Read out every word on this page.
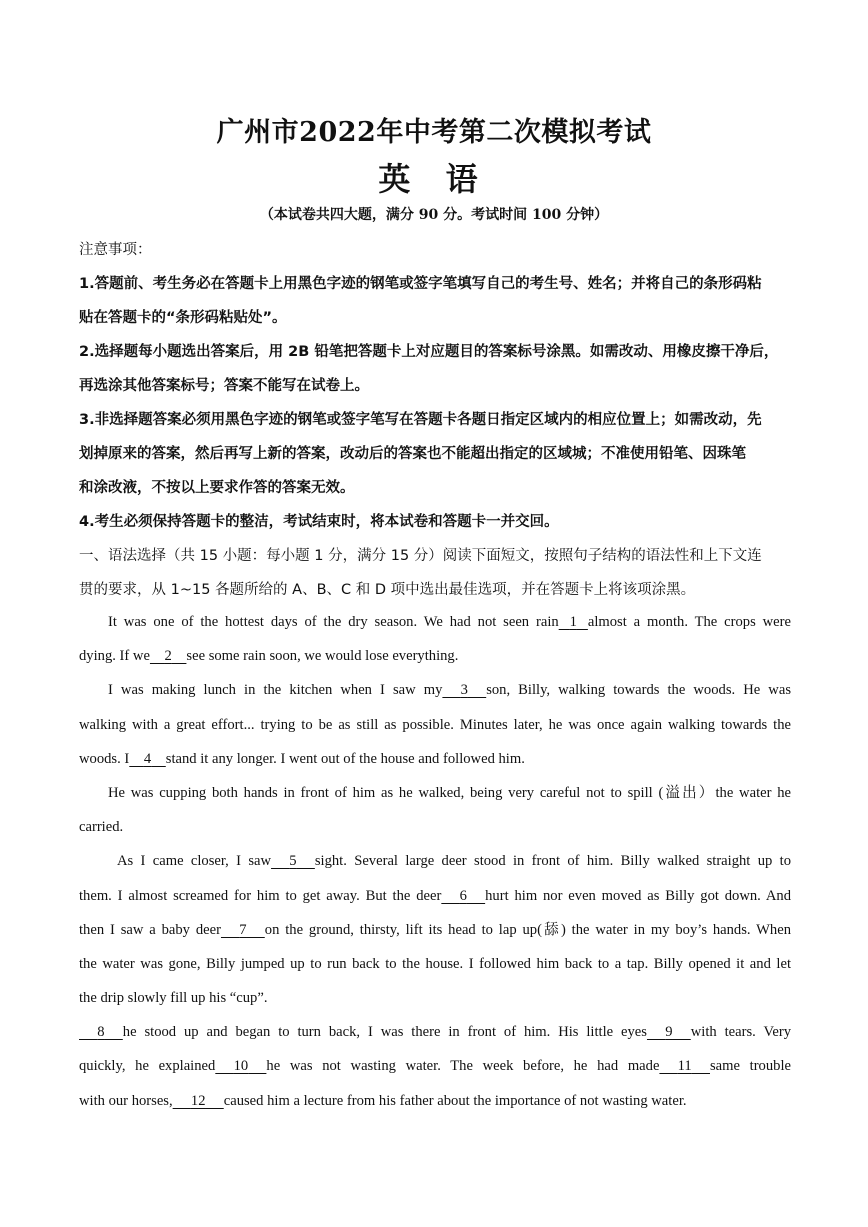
广州市2022年中考第二次模拟考试
英 语
（本试卷共四大题，满分 90 分。考试时间 100 分钟）
注意事项：
1.答题前、考生务必在答题卡上用黑色字迹的钢笔或签字笔填写自己的考生号、姓名；并将自己的条形码粘
贴在答题卡的“条形码粘贴处”。
2.选择题每小题选出答案后，用 2B 铅笔把答题卡上对应题目的答案标号涂黑。如需改动、用橡皮擦干净后，
再选涂其他答案标号；答案不能写在试卷上。
3.非选择题答案必须用黑色字迹的钢笔或签字笔写在答题卡各题日指定区域内的相应位置上；如需改动，先
划掉原来的答案，然后再写上新的答案，改动后的答案也不能超出指定的区域城；不准使用铅笔、因珠笔
和涂改液，不按以上要求作答的答案无效。
4.考生必须保持答题卡的整洁，考试结束时，将本试卷和答题卡一并交回。
一、语法选择（共 15 小题：每小题 1 分，满分 15 分）阅读下面短文，按照句子结构的语法性和上下文连
贯的要求，从 1~15 各题所给的 A、B、C 和 D 项中选出最佳选项，并在答题卡上将该项涂黑。
It was one of the hottest days of the dry season. We had not seen rain 1 almost a month. The crops were
dying. If we 2 see some rain soon, we would lose everything.
I was making lunch in the kitchen when I saw my 3 son, Billy, walking towards the woods. He was
walking with a great effort... trying to be as still as possible. Minutes later, he was once again walking towards the
woods. I 4 stand it any longer. I went out of the house and followed him.
He was cupping both hands in front of him as he walked, being very careful not to spill (溢出）the water he
carried.
As I came closer, I saw 5 sight. Several large deer stood in front of him. Billy walked straight up to
them. I almost screamed for him to get away. But the deer 6 hurt him nor even moved as Billy got down. And
then I saw a baby deer 7 on the ground, thirsty, lift its head to lap up(舔) the water in my boy’s hands. When
the water was gone, Billy jumped up to run back to the house. I followed him back to a tap. Billy opened it and let
the drip slowly fill up his “cup”.
8 he stood up and began to turn back, I was there in front of him. His little eyes 9 with tears. Very
quickly, he explained 10 he was not wasting water. The week before, he had made 11 same trouble
with our horses, 12 caused him a lecture from his father about the importance of not wasting water.
